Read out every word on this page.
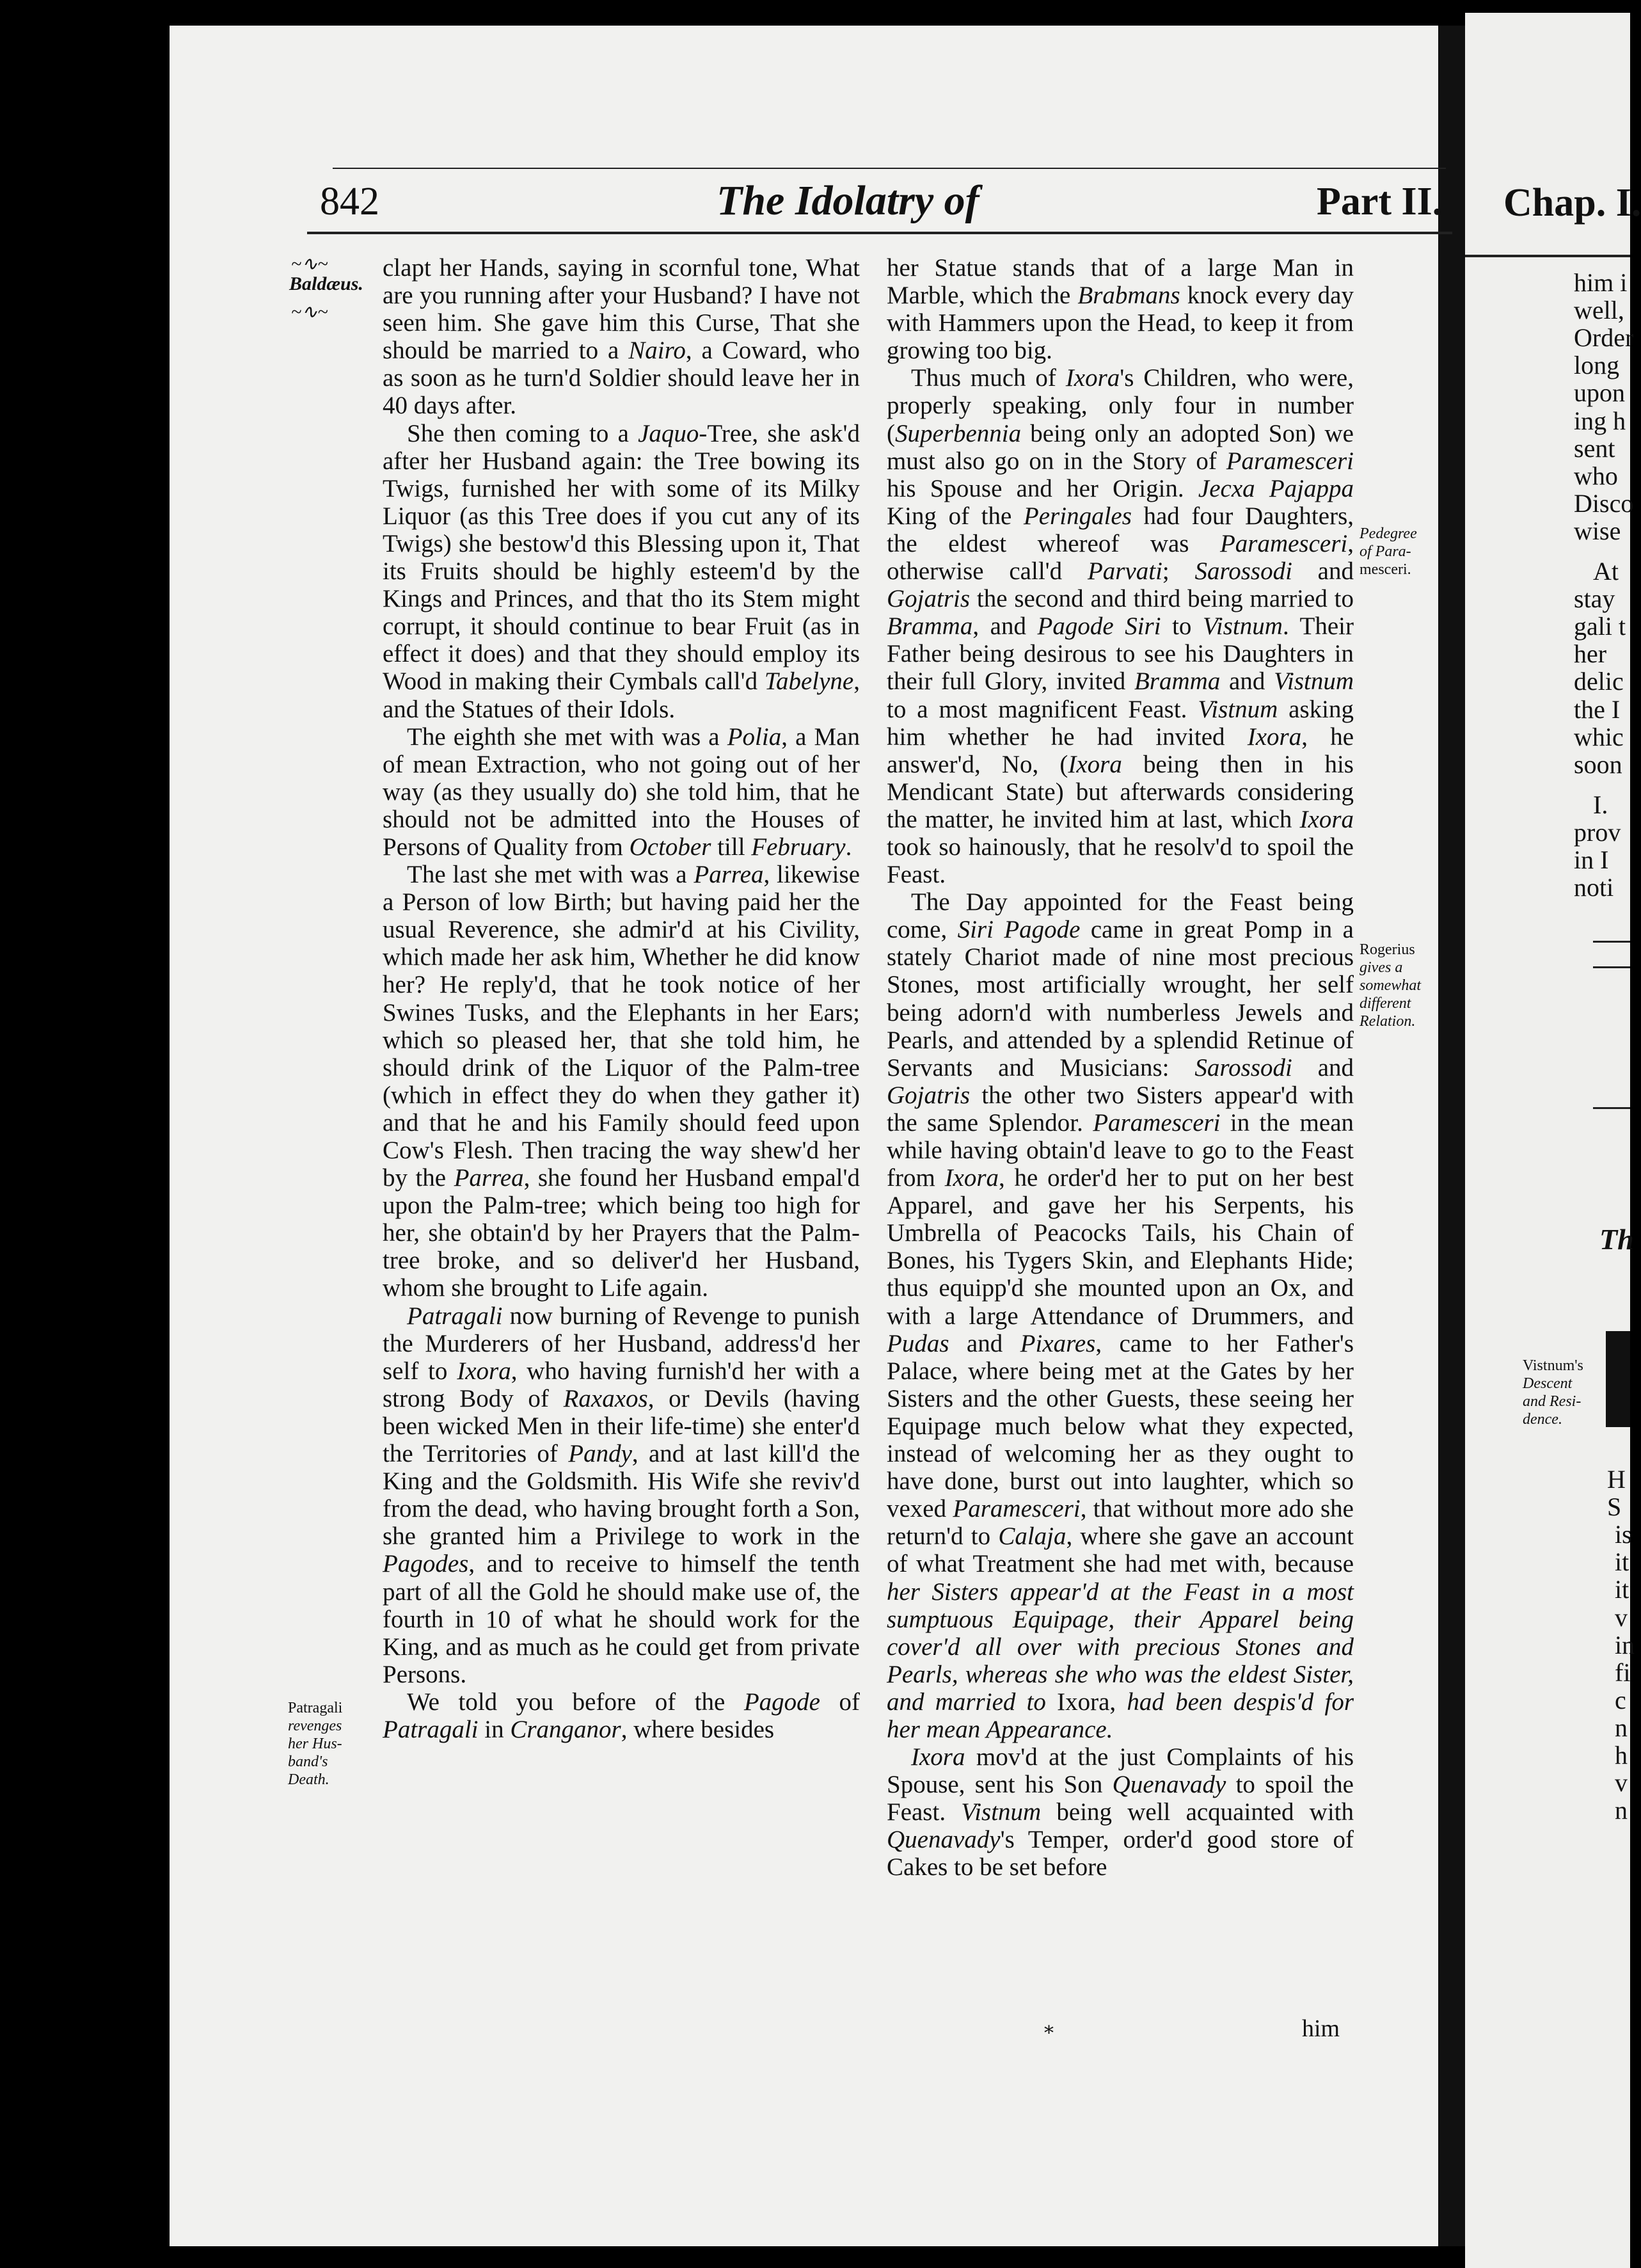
842	The Idolatry of	Part II.
~∿~
Baldæus.
~∿~
Patragali
revenges
her Hus-
band's
Death.

clapt her Hands, saying in scornful tone, What are you running after your Husband? I have not seen him. She gave him this Curse, That she should be married to a Nairo, a Coward, who as soon as he turn'd Soldier should leave her in 40 days after.

She then coming to a Jaquo-Tree, she ask'd after her Husband again: the Tree bowing its Twigs, furnished her with some of its Milky Liquor (as this Tree does if you cut any of its Twigs) she bestow'd this Blessing upon it, That its Fruits should be highly esteem'd by the Kings and Princes, and that tho its Stem might corrupt, it should continue to bear Fruit (as in effect it does) and that they should employ its Wood in making their Cymbals call'd Tabelyne, and the Statues of their Idols.

The eighth she met with was a Polia, a Man of mean Extraction, who not going out of her way (as they usually do) she told him, that he should not be admitted into the Houses of Persons of Quality from October till February.

The last she met with was a Parrea, likewise a Person of low Birth; but having paid her the usual Reverence, she admir'd at his Civility, which made her ask him, Whether he did know her? He reply'd, that he took notice of her Swines Tusks, and the Elephants in her Ears; which so pleased her, that she told him, he should drink of the Liquor of the Palm-tree (which in effect they do when they gather it) and that he and his Family should feed upon Cow's Flesh. Then tracing the way shew'd her by the Parrea, she found her Husband empal'd upon the Palm-tree; which being too high for her, she obtain'd by her Prayers that the Palm-tree broke, and so deliver'd her Husband, whom she brought to Life again.

Patragali now burning of Revenge to punish the Murderers of her Husband, address'd her self to Ixora, who having furnish'd her with a strong Body of Raxaxos, or Devils (having been wicked Men in their life-time) she enter'd the Territories of Pandy, and at last kill'd the King and the Goldsmith. His Wife she reviv'd from the dead, who having brought forth a Son, she granted him a Privilege to work in the Pagodes, and to receive to himself the tenth part of all the Gold he should make use of, the fourth in 10 of what he should work for the King, and as much as he could get from private Persons.

We told you before of the Pagode of Patragali in Cranganor, where besides

her Statue stands that of a large Man in Marble, which the Brabmans knock every day with Hammers upon the Head, to keep it from growing too big.

Thus much of Ixora's Children, who were, properly speaking, only four in number (Superbennia being only an adopted Son) we must also go on in the Story of Paramesceri his Spouse and her Origin. Jecxa Pajappa King of the Peringales had four Daughters, the eldest whereof was Paramesceri, otherwise call'd Parvati; Sarossodi and Gojatris the second and third being married to Bramma, and Pagode Siri to Vistnum. Their Father being desirous to see his Daughters in their full Glory, invited Bramma and Vistnum to a most magnificent Feast. Vistnum asking him whether he had invited Ixora, he answer'd, No, (Ixora being then in his Mendicant State) but afterwards considering the matter, he invited him at last, which Ixora took so hainously, that he resolv'd to spoil the Feast.

The Day appointed for the Feast being come, Siri Pagode came in great Pomp in a stately Chariot made of nine most precious Stones, most artificially wrought, her self being adorn'd with numberless Jewels and Pearls, and attended by a splendid Retinue of Servants and Musicians: Sarossodi and Gojatris the other two Sisters appear'd with the same Splendor. Paramesceri in the mean while having obtain'd leave to go to the Feast from Ixora, he order'd her to put on her best Apparel, and gave her his Serpents, his Umbrella of Peacocks Tails, his Chain of Bones, his Tygers Skin, and Elephants Hide; thus equipp'd she mounted upon an Ox, and with a large Attendance of Drummers, and Pudas and Pixares, came to her Father's Palace, where being met at the Gates by her Sisters and the other Guests, these seeing her Equipage much below what they expected, instead of welcoming her as they ought to have done, burst out into laughter, which so vexed Paramesceri, that without more ado she return'd to Calaja, where she gave an account of what Treatment she had met with, because her Sisters appear'd at the Feast in a most sumptuous Equipage, their Apparel being cover'd all over with precious Stones and Pearls, whereas she who was the eldest Sister, and married to Ixora, had been despis'd for her mean Appearance.

Ixora mov'd at the just Complaints of his Spouse, sent his Son Quenavady to spoil the Feast. Vistnum being well acquainted with Quenavady's Temper, order'd good store of Cakes to be set before

Pedegree
of Para-
mesceri.
Rogerius
gives a
somewhat
different
Relation.
him
⁎
Chap. I.
him i
well,
Order
long
upon
ing h
sent
who
Disco
wise
At
stay
gali t
her
delic
the I
whic
soon
I.
prov
in I
noti
Th
Vistnum's
Descent
and Resi-
dence.
H
S
is
it
it
v
in
fi
c
n
h
v
n
